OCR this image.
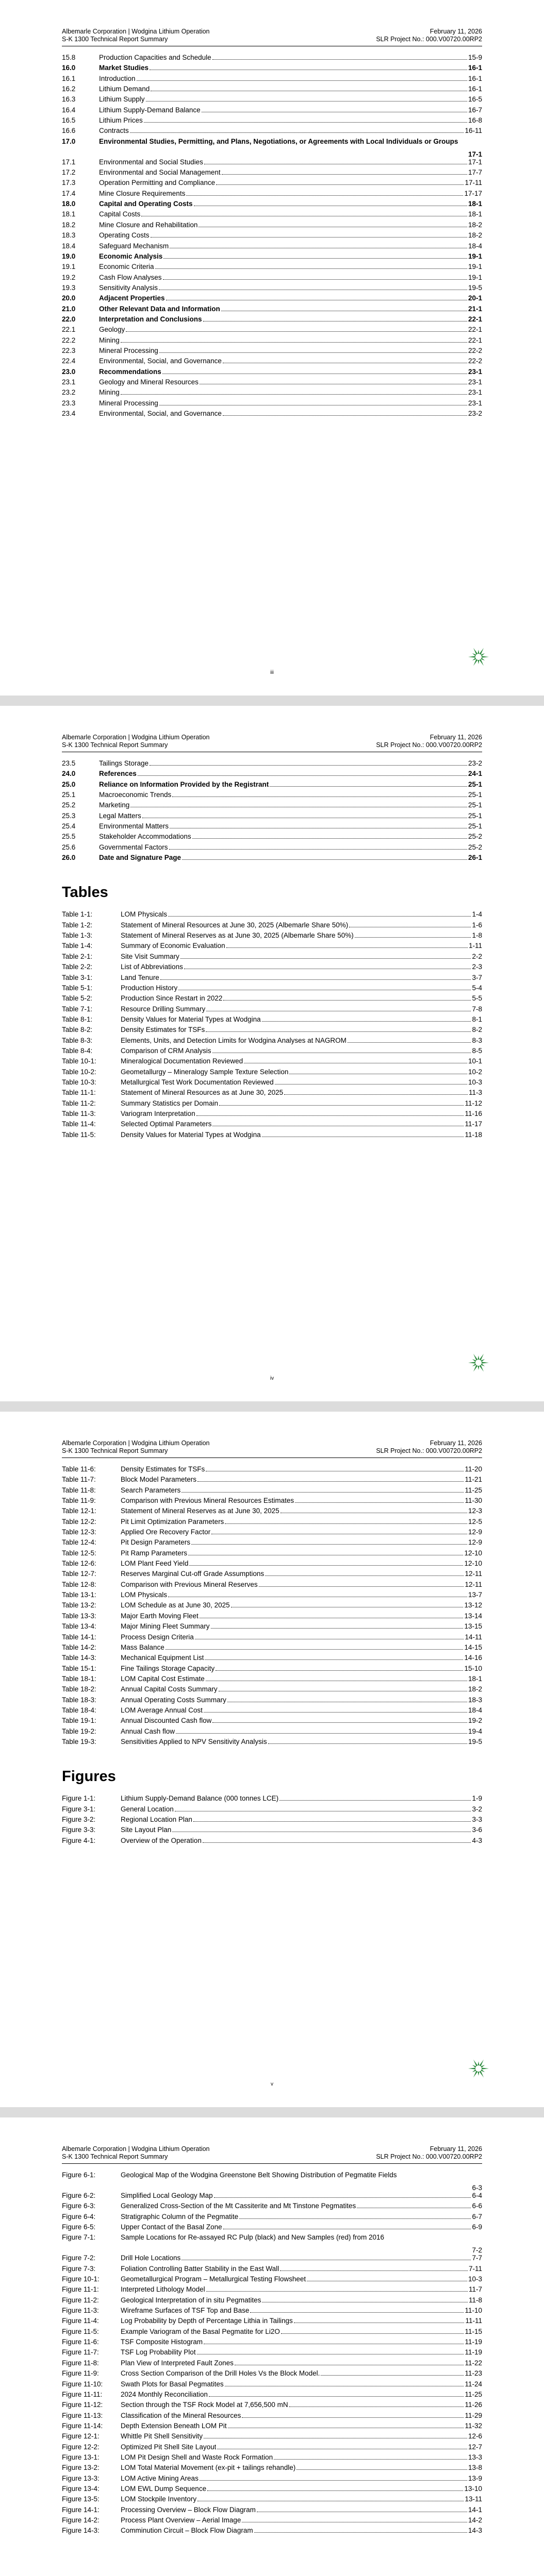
Albemarle Corporation | Wodgina Lithium Operation	February 11, 2026
S-K 1300 Technical Report Summary	SLR Project No.: 000.V00720.00RP2
15.8	Production Capacities and Schedule	15-9
16.0	Market Studies	16-1
16.1	Introduction	16-1
16.2	Lithium Demand	16-1
16.3	Lithium Supply	16-5
16.4	Lithium Supply-Demand Balance	16-7
16.5	Lithium Prices	16-8
16.6	Contracts	16-11
17.0	Environmental Studies, Permitting, and Plans, Negotiations, or Agreements with Local Individuals or Groups
17-1
17.1	Environmental and Social Studies	17-1
17.2	Environmental and Social Management	17-7
17.3	Operation Permitting and Compliance	17-11
17.4	Mine Closure Requirements	17-17
18.0	Capital and Operating Costs	18-1
18.1	Capital Costs	18-1
18.2	Mine Closure and Rehabilitation	18-2
18.3	Operating Costs	18-2
18.4	Safeguard Mechanism	18-4
19.0	Economic Analysis	19-1
19.1	Economic Criteria	19-1
19.2	Cash Flow Analyses	19-1
19.3	Sensitivity Analysis	19-5
20.0	Adjacent Properties	20-1
21.0	Other Relevant Data and Information	21-1
22.0	Interpretation and Conclusions	22-1
22.1	Geology	22-1
22.2	Mining	22-1
22.3	Mineral Processing	22-2
22.4	Environmental, Social, and Governance	22-2
23.0	Recommendations	23-1
23.1	Geology and Mineral Resources	23-1
23.2	Mining	23-1
23.3	Mineral Processing	23-1
23.4	Environmental, Social, and Governance	23-2
iii
Albemarle Corporation | Wodgina Lithium Operation	February 11, 2026
S-K 1300 Technical Report Summary	SLR Project No.: 000.V00720.00RP2
23.5	Tailings Storage	23-2
24.0	References	24-1
25.0	Reliance on Information Provided by the Registrant	25-1
25.1	Macroeconomic Trends	25-1
25.2	Marketing	25-1
25.3	Legal Matters	25-1
25.4	Environmental Matters	25-1
25.5	Stakeholder Accommodations	25-2
25.6	Governmental Factors	25-2
26.0	Date and Signature Page	26-1
Tables
Table 1-1:	LOM Physicals	1-4
Table 1-2:	Statement of Mineral Resources at June 30, 2025 (Albemarle Share 50%)	1-6
Table 1-3:	Statement of Mineral Reserves as at June 30, 2025 (Albemarle Share 50%)	1-8
Table 1-4:	Summary of Economic Evaluation	1-11
Table 2-1:	Site Visit Summary	2-2
Table 2-2:	List of Abbreviations	2-3
Table 3-1:	Land Tenure	3-7
Table 5-1:	Production History	5-4
Table 5-2:	Production Since Restart in 2022	5-5
Table 7-1:	Resource Drilling Summary	7-8
Table 8-1:	Density Values for Material Types at Wodgina	8-1
Table 8-2:	Density Estimates for TSFs	8-2
Table 8-3:	Elements, Units, and Detection Limits for Wodgina Analyses at NAGROM	8-3
Table 8-4:	Comparison of CRM Analysis	8-5
Table 10-1:	Mineralogical Documentation Reviewed	10-1
Table 10-2:	Geometallurgy – Mineralogy Sample Texture Selection	10-2
Table 10-3:	Metallurgical Test Work Documentation Reviewed	10-3
Table 11-1:	Statement of Mineral Resources as at June 30, 2025	11-3
Table 11-2:	Summary Statistics per Domain	11-12
Table 11-3:	Variogram Interpretation	11-16
Table 11-4:	Selected Optimal Parameters	11-17
Table 11-5:	Density Values for Material Types at Wodgina	11-18
iv
Albemarle Corporation | Wodgina Lithium Operation	February 11, 2026
S-K 1300 Technical Report Summary	SLR Project No.: 000.V00720.00RP2
Table 11-6:	Density Estimates for TSFs	11-20
Table 11-7:	Block Model Parameters	11-21
Table 11-8:	Search Parameters	11-25
Table 11-9:	Comparison with Previous Mineral Resources Estimates	11-30
Table 12-1:	Statement of Mineral Reserves as at June 30, 2025	12-3
Table 12-2:	Pit Limit Optimization Parameters	12-5
Table 12-3:	Applied Ore Recovery Factor	12-9
Table 12-4:	Pit Design Parameters	12-9
Table 12-5:	Pit Ramp Parameters	12-10
Table 12-6:	LOM Plant Feed Yield	12-10
Table 12-7:	Reserves Marginal Cut-off Grade Assumptions	12-11
Table 12-8:	Comparison with Previous Mineral Reserves	12-11
Table 13-1:	LOM Physicals	13-7
Table 13-2:	LOM Schedule as at June 30, 2025	13-12
Table 13-3:	Major Earth Moving Fleet	13-14
Table 13-4:	Major Mining Fleet Summary	13-15
Table 14-1:	Process Design Criteria	14-11
Table 14-2:	Mass Balance	14-15
Table 14-3:	Mechanical Equipment List	14-16
Table 15-1:	Fine Tailings Storage Capacity	15-10
Table 18-1:	LOM Capital Cost Estimate	18-1
Table 18-2:	Annual Capital Costs Summary	18-2
Table 18-3:	Annual Operating Costs Summary	18-3
Table 18-4:	LOM Average Annual Cost	18-4
Table 19-1:	Annual Discounted Cash flow	19-2
Table 19-2:	Annual Cash flow	19-4
Table 19-3:	Sensitivities Applied to NPV Sensitivity Analysis	19-5
Figures
Figure 1-1:	Lithium Supply-Demand Balance (000 tonnes LCE)	1-9
Figure 3-1:	General Location	3-2
Figure 3-2:	Regional Location Plan	3-3
Figure 3-3:	Site Layout Plan	3-6
Figure 4-1:	Overview of the Operation	4-3
v
Albemarle Corporation | Wodgina Lithium Operation	February 11, 2026
S-K 1300 Technical Report Summary	SLR Project No.: 000.V00720.00RP2
Figure 6-1:	Geological Map of the Wodgina Greenstone Belt Showing Distribution of Pegmatite Fields
6-3
Figure 6-2:	Simplified Local Geology Map	6-4
Figure 6-3:	Generalized Cross-Section of the Mt Cassiterite and Mt Tinstone Pegmatites	6-6
Figure 6-4:	Stratigraphic Column of the Pegmatite	6-7
Figure 6-5:	Upper Contact of the Basal Zone	6-9
Figure 7-1:	Sample Locations for Re-assayed RC Pulp (black) and New Samples (red) from 2016
7-2
Figure 7-2:	Drill Hole Locations	7-7
Figure 7-3:	Foliation Controlling Batter Stability in the East Wall	7-11
Figure 10-1:	Geometallurgical Program – Metallurgical Testing Flowsheet	10-3
Figure 11-1:	Interpreted Lithology Model	11-7
Figure 11-2:	Geological Interpretation of in situ Pegmatites	11-8
Figure 11-3:	Wireframe Surfaces of TSF Top and Base	11-10
Figure 11-4:	Log Probability by Depth of Percentage Lithia in Tailings	11-11
Figure 11-5:	Example Variogram of the Basal Pegmatite for Li2O	11-15
Figure 11-6:	TSF Composite Histogram	11-19
Figure 11-7:	TSF Log Probability Plot	11-19
Figure 11-8:	Plan View of Interpreted Fault Zones	11-22
Figure 11-9:	Cross Section Comparison of the Drill Holes Vs the Block Model.	11-23
Figure 11-10:	Swath Plots for Basal Pegmatites	11-24
Figure 11-11:	2024 Monthly Reconciliation	11-25
Figure 11-12:	Section through the TSF Rock Model at 7,656,500 mN	11-26
Figure 11-13:	Classification of the Mineral Resources	11-29
Figure 11-14:	Depth Extension Beneath LOM Pit	11-32
Figure 12-1:	Whittle Pit Shell Sensitivity	12-6
Figure 12-2:	Optimized Pit Shell Site Layout	12-7
Figure 13-1:	LOM Pit Design Shell and Waste Rock Formation	13-3
Figure 13-2:	LOM Total Material Movement (ex-pit + tailings rehandle)	13-8
Figure 13-3:	LOM Active Mining Areas	13-9
Figure 13-4:	LOM EWL Dump Sequence	13-10
Figure 13-5:	LOM Stockpile Inventory	13-11
Figure 14-1:	Processing Overview – Block Flow Diagram	14-1
Figure 14-2:	Process Plant Overview – Aerial Image	14-2
Figure 14-3:	Comminution Circuit – Block Flow Diagram	14-3
